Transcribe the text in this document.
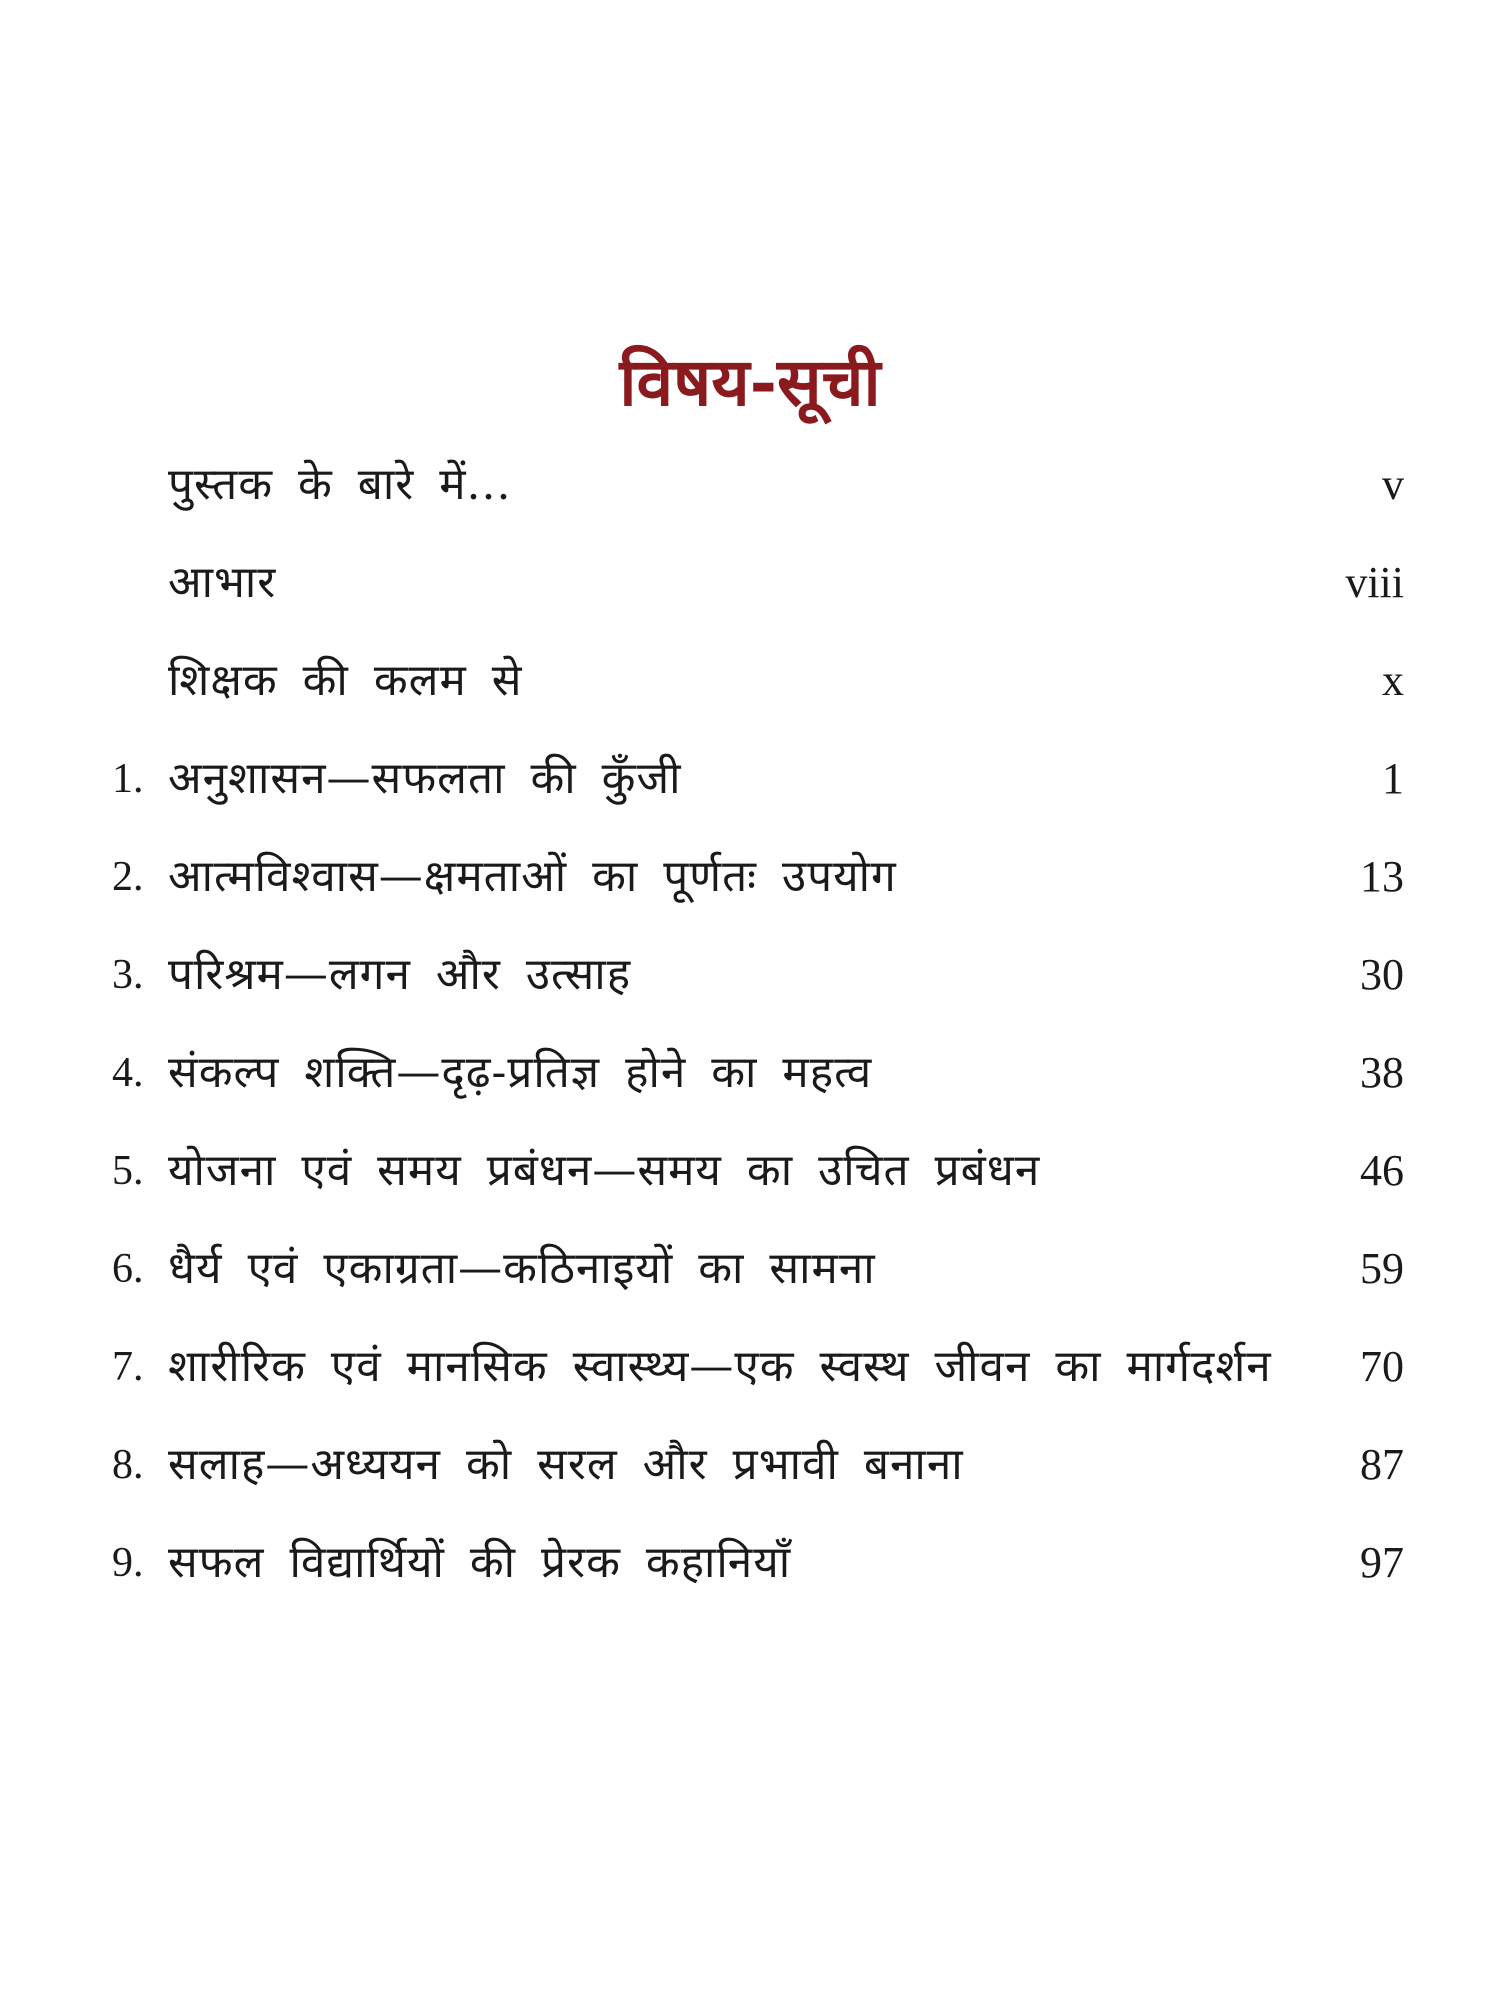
विषय-सूची
पुस्तक के बारे में...	v
आभार	viii
शिक्षक की कलम से	x
1. अनुशासन—सफलता की कुँजी	1
2. आत्मविश्वास—क्षमताओं का पूर्णतः उपयोग	13
3. परिश्रम—लगन और उत्साह	30
4. संकल्प शक्ति—दृढ़-प्रतिज्ञ होने का महत्व	38
5. योजना एवं समय प्रबंधन—समय का उचित प्रबंधन	46
6. धैर्य एवं एकाग्रता—कठिनाइयों का सामना	59
7. शारीरिक एवं मानसिक स्वास्थ्य—एक स्वस्थ जीवन का मार्गदर्शन 70
8. सलाह—अध्ययन को सरल और प्रभावी बनाना	87
9. सफल विद्यार्थियों की प्रेरक कहानियाँ	97
